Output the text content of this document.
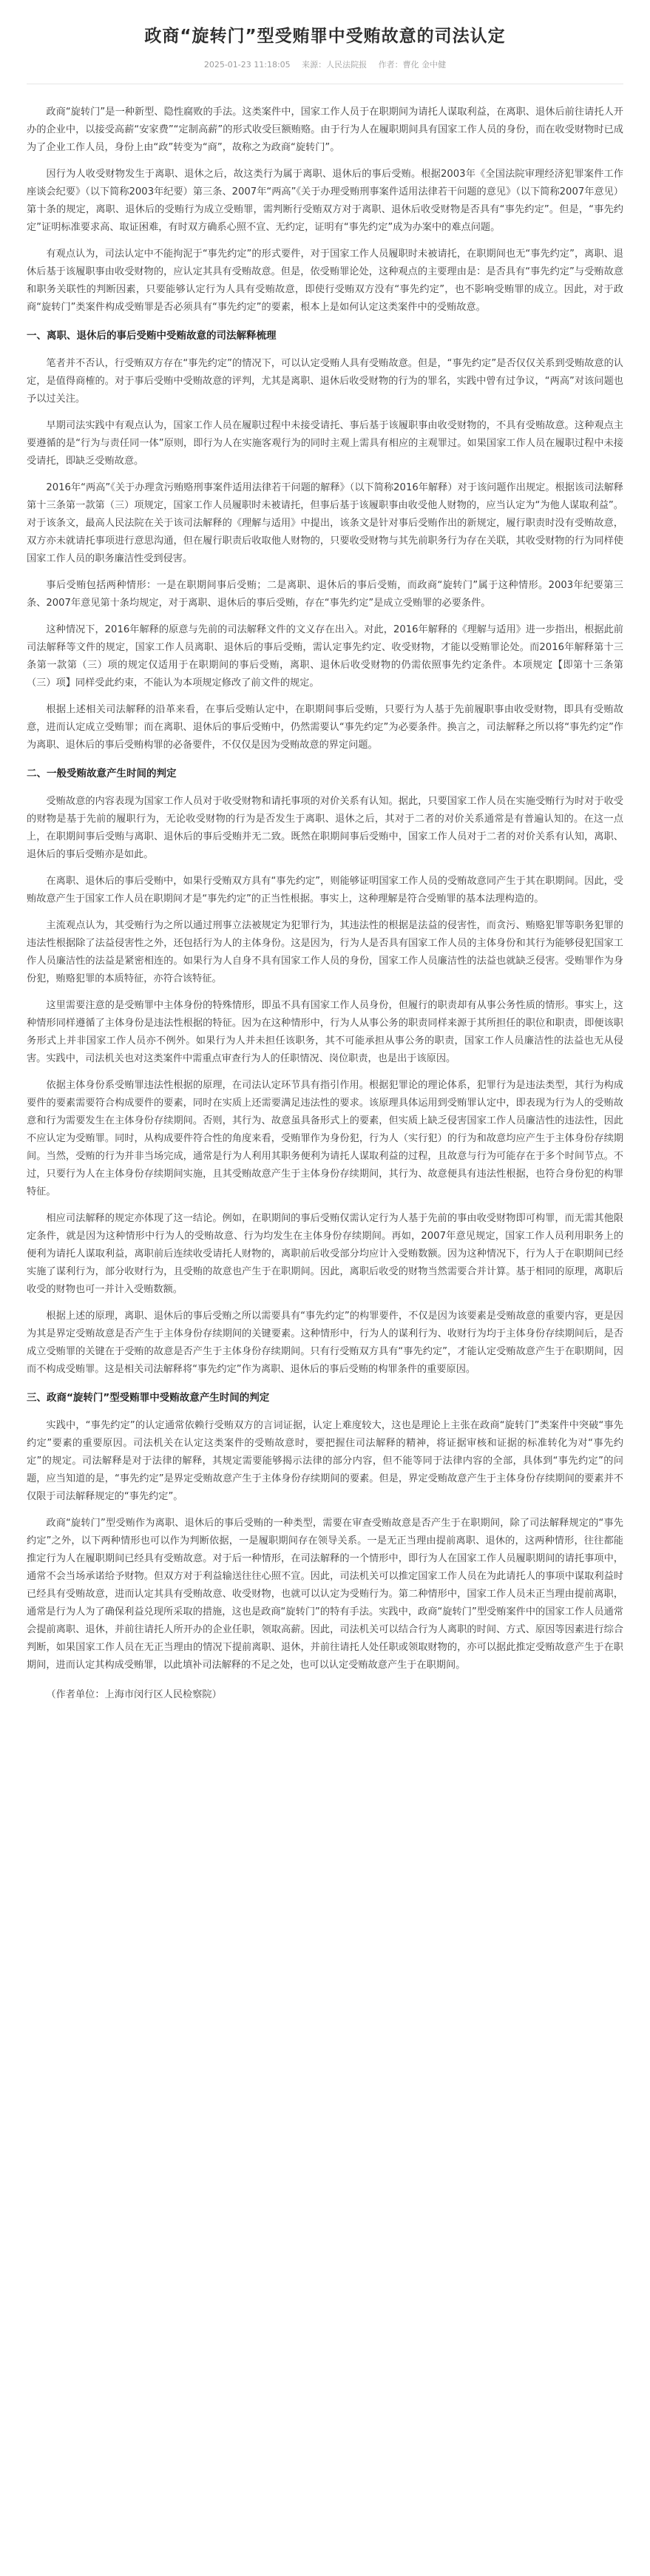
政商“旋转门”型受贿罪中受贿故意的司法认定
2025-01-23 11:18:05 来源：人民法院报 作者：曹化 金中健

政商“旋转门”是一种新型、隐性腐败的手法。这类案件中，国家工作人员于在职期间为请托人谋取利益，在离职、退休后前往请托人开办的企业中，以接受高薪“安家费”“定制高薪”的形式收受巨额贿赂。由于行为人在履职期间具有国家工作人员的身份，而在收受财物时已成为了企业工作人员，身份上由“政”转变为“商”，故称之为政商“旋转门”。

因行为人收受财物发生于离职、退休之后，故这类行为属于离职、退休后的事后受贿。根据2003年《全国法院审理经济犯罪案件工作座谈会纪要》（以下简称2003年纪要）第三条、2007年“两高”《关于办理受贿刑事案件适用法律若干问题的意见》（以下简称2007年意见）第十条的规定，离职、退休后的受贿行为成立受贿罪，需判断行受贿双方对于离职、退休后收受财物是否具有“事先约定”。但是，“事先约定”证明标准要求高、取证困难，有时双方确系心照不宣、无约定，证明有“事先约定”成为办案中的难点问题。

有观点认为，司法认定中不能拘泥于“事先约定”的形式要件，对于国家工作人员履职时未被请托，在职期间也无“事先约定”，离职、退休后基于该履职事由收受财物的，应认定其具有受贿故意。但是，依受贿罪论处，这种观点的主要理由是：是否具有“事先约定”与受贿故意和职务关联性的判断因素，只要能够认定行为人具有受贿故意，即使行受贿双方没有“事先约定”，也不影响受贿罪的成立。因此，对于政商“旋转门”类案件构成受贿罪是否必须具有“事先约定”的要素，根本上是如何认定这类案件中的受贿故意。

一、离职、退休后的事后受贿中受贿故意的司法解释梳理

笔者并不否认，行受贿双方存在“事先约定”的情况下，可以认定受贿人具有受贿故意。但是，“事先约定”是否仅仅关系到受贿故意的认定，是值得商榷的。对于事后受贿中受贿故意的评判，尤其是离职、退休后收受财物的行为的罪名，实践中曾有过争议，“两高”对该问题也予以过关注。

早期司法实践中有观点认为，国家工作人员在履职过程中未接受请托、事后基于该履职事由收受财物的，不具有受贿故意。这种观点主要遵循的是“行为与责任同一体”原则，即行为人在实施客观行为的同时主观上需具有相应的主观罪过。如果国家工作人员在履职过程中未接受请托，即缺乏受贿故意。

2016年“两高”《关于办理贪污贿赂刑事案件适用法律若干问题的解释》（以下简称2016年解释）对于该问题作出规定。根据该司法解释第十三条第一款第（三）项规定，国家工作人员履职时未被请托，但事后基于该履职事由收受他人财物的，应当认定为“为他人谋取利益”。对于该条文，最高人民法院在关于该司法解释的《理解与适用》中提出，该条文是针对事后受贿作出的新规定，履行职责时没有受贿故意，双方亦未就请托事项进行意思沟通，但在履行职责后收取他人财物的，只要收受财物与其先前职务行为存在关联，其收受财物的行为同样使国家工作人员的职务廉洁性受到侵害。

事后受贿包括两种情形：一是在职期间事后受贿；二是离职、退休后的事后受贿，而政商“旋转门”属于这种情形。2003年纪要第三条、2007年意见第十条均规定，对于离职、退休后的事后受贿，存在“事先约定”是成立受贿罪的必要条件。

这种情况下，2016年解释的原意与先前的司法解释文件的文义存在出入。对此，2016年解释的《理解与适用》进一步指出，根据此前司法解释等文件的规定，国家工作人员离职、退休后的事后受贿，需认定事先约定、收受财物，才能以受贿罪论处。而2016年解释第十三条第一款第（三）项的规定仅适用于在职期间的事后受贿，离职、退休后收受财物的仍需依照事先约定条件。本项规定【即第十三条第（三）项】同样受此约束，不能认为本项规定修改了前文件的规定。

根据上述相关司法解释的沿革来看，在事后受贿认定中，在职期间事后受贿，只要行为人基于先前履职事由收受财物，即具有受贿故意，进而认定成立受贿罪；而在离职、退休后的事后受贿中，仍然需要认“事先约定”为必要条件。换言之，司法解释之所以将“事先约定”作为离职、退休后的事后受贿构罪的必备要件，不仅仅是因为受贿故意的界定问题。

二、一般受贿故意产生时间的判定

受贿故意的内容表现为国家工作人员对于收受财物和请托事项的对价关系有认知。据此，只要国家工作人员在实施受贿行为时对于收受的财物是基于先前的履职行为，无论收受财物的行为是否发生于离职、退休之后，其对于二者的对价关系通常是有普遍认知的。在这一点上，在职期间事后受贿与离职、退休后的事后受贿并无二致。既然在职期间事后受贿中，国家工作人员对于二者的对价关系有认知，离职、退休后的事后受贿亦是如此。

在离职、退休后的事后受贿中，如果行受贿双方具有“事先约定”，则能够证明国家工作人员的受贿故意同产生于其在职期间。因此，受贿故意产生于国家工作人员在职期间才是“事先约定”的正当性根据。事实上，这种理解是符合受贿罪的基本法理构造的。

主流观点认为，其受贿行为之所以通过刑事立法被规定为犯罪行为，其违法性的根据是法益的侵害性，而贪污、贿赂犯罪等职务犯罪的违法性根据除了法益侵害性之外，还包括行为人的主体身份。这是因为，行为人是否具有国家工作人员的主体身份和其行为能够侵犯国家工作人员廉洁性的法益是紧密相连的。如果行为人自身不具有国家工作人员的身份，国家工作人员廉洁性的法益也就缺乏侵害。受贿罪作为身份犯，贿赂犯罪的本质特征，亦符合该特征。

这里需要注意的是受贿罪中主体身份的特殊情形，即虽不具有国家工作人员身份，但履行的职责却有从事公务性质的情形。事实上，这种情形同样遵循了主体身份是违法性根据的特征。因为在这种情形中，行为人从事公务的职责同样来源于其所担任的职位和职责，即便该职务形式上并非国家工作人员亦不例外。如果行为人并未担任该职务，其不可能承担从事公务的职责，国家工作人员廉洁性的法益也无从侵害。实践中，司法机关也对这类案件中需重点审查行为人的任职情况、岗位职责，也是出于该原因。

依据主体身份系受贿罪违法性根据的原理，在司法认定环节具有指引作用。根据犯罪论的理论体系，犯罪行为是违法类型，其行为构成要件的要素需要符合构成要件的要素，同时在实质上还需要满足违法性的要求。该原理具体运用到受贿罪认定中，即表现为行为人的受贿故意和行为需要发生在主体身份存续期间。否则，其行为、故意虽具备形式上的要素，但实质上缺乏侵害国家工作人员廉洁性的违法性，因此不应认定为受贿罪。同时，从构成要件符合性的角度来看，受贿罪作为身份犯，行为人（实行犯）的行为和故意均应产生于主体身份存续期间。当然，受贿的行为并非当场完成，通常是行为人利用其职务便利为请托人谋取利益的过程，且故意与行为可能存在于多个时间节点。不过，只要行为人在主体身份存续期间实施，且其受贿故意产生于主体身份存续期间，其行为、故意便具有违法性根据，也符合身份犯的构罪特征。

相应司法解释的规定亦体现了这一结论。例如，在职期间的事后受贿仅需认定行为人基于先前的事由收受财物即可构罪，而无需其他限定条件，就是因为这种情形中行为人的受贿故意、行为均发生在主体身份存续期间。再如，2007年意见规定，国家工作人员利用职务上的便利为请托人谋取利益，离职前后连续收受请托人财物的，离职前后收受部分均应计入受贿数额。因为这种情况下，行为人于在职期间已经实施了谋利行为，部分收财行为，且受贿的故意也产生于在职期间。因此，离职后收受的财物当然需要合并计算。基于相同的原理，离职后收受的财物也可一并计入受贿数额。

根据上述的原理，离职、退休后的事后受贿之所以需要具有“事先约定”的构罪要件，不仅是因为该要素是受贿故意的重要内容，更是因为其是界定受贿故意是否产生于主体身份存续期间的关键要素。这种情形中，行为人的谋利行为、收财行为均于主体身份存续期间后，是否成立受贿罪的关键在于受贿的故意是否产生于主体身份存续期间。只有行受贿双方具有“事先约定”，才能认定受贿故意产生于在职期间，因而不构成受贿罪。这是相关司法解释将“事先约定”作为离职、退休后的事后受贿的构罪条件的重要原因。

三、政商“旋转门”型受贿罪中受贿故意产生时间的判定

实践中，“事先约定”的认定通常依赖行受贿双方的言词证据，认定上难度较大，这也是理论上主张在政商“旋转门”类案件中突破“事先约定”要素的重要原因。司法机关在认定这类案件的受贿故意时，要把握住司法解释的精神，将证据审核和证据的标准转化为对“事先约定”的规定。司法解释是对于法律的解释，其规定需要能够揭示法律的部分内容，但不能等同于法律内容的全部，具体到“事先约定”的问题，应当知道的是，“事先约定”是界定受贿故意产生于主体身份存续期间的要素。但是，界定受贿故意产生于主体身份存续期间的要素并不仅限于司法解释规定的“事先约定”。

政商“旋转门”型受贿作为离职、退休后的事后受贿的一种类型，需要在审查受贿故意是否产生于在职期间，除了司法解释规定的“事先约定”之外，以下两种情形也可以作为判断依据，一是履职期间存在领导关系。一是无正当理由提前离职、退休的，这两种情形，往往都能推定行为人在履职期间已经具有受贿故意。对于后一种情形，在司法解释的一个情形中，即行为人在国家工作人员履职期间的请托事项中，通常不会当场承诺给予财物。但双方对于利益输送往往心照不宣。因此，司法机关可以推定国家工作人员在为此请托人的事项中谋取利益时已经具有受贿故意，进而认定其具有受贿故意、收受财物，也就可以认定为受贿行为。第二种情形中，国家工作人员未正当理由提前离职，通常是行为人为了确保利益兑现所采取的措施，这也是政商“旋转门”的特有手法。实践中，政商“旋转门”型受贿案件中的国家工作人员通常会提前离职、退休，并前往请托人所开办的企业任职，领取高薪。因此，司法机关可以结合行为人离职的时间、方式、原因等因素进行综合判断，如果国家工作人员在无正当理由的情况下提前离职、退休，并前往请托人处任职或领取财物的，亦可以据此推定受贿故意产生于在职期间，进而认定其构成受贿罪，以此填补司法解释的不足之处，也可以认定受贿故意产生于在职期间。

（作者单位：上海市闵行区人民检察院）
